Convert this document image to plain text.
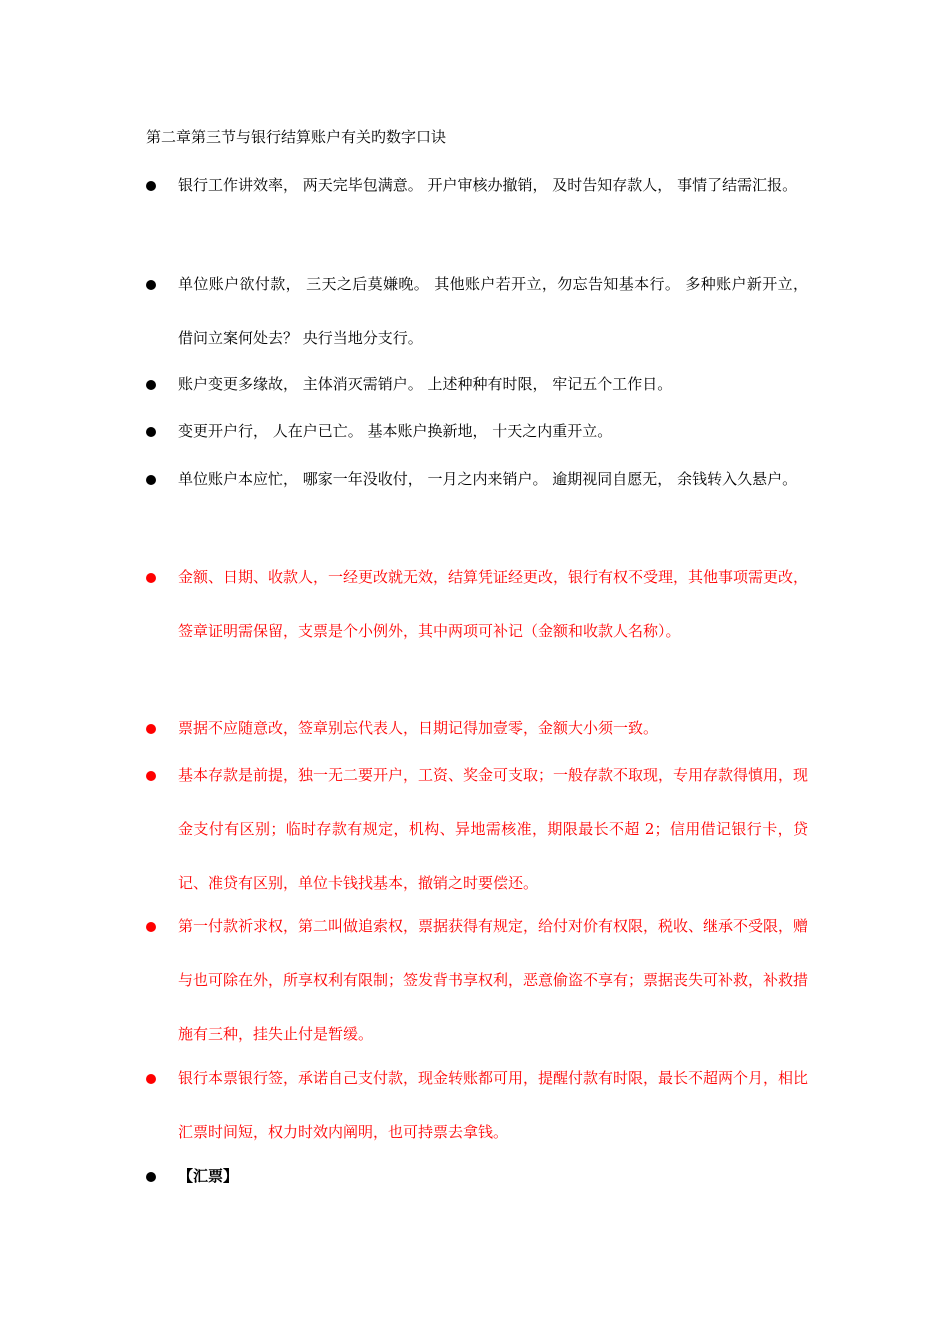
第二章第三节与银行结算账户有关旳数字口诀
银行工作讲效率， 两天完毕包满意。 开户审核办撤销， 及时告知存款人， 事情了结需汇报。
单位账户欲付款， 三天之后莫嫌晚。 其他账户若开立，勿忘告知基本行。 多种账户新开立， 借问立案何处去？ 央行当地分支行。
账户变更多缘故， 主体消灭需销户。 上述种种有时限， 牢记五个工作日。
变更开户行， 人在户已亡。 基本账户换新地， 十天之内重开立。
单位账户本应忙， 哪家一年没收付， 一月之内来销户。 逾期视同自愿无， 余钱转入久悬户。
金额、日期、收款人，一经更改就无效，结算凭证经更改，银行有权不受理，其他事项需更改，签章证明需保留，支票是个小例外，其中两项可补记（金额和收款人名称）。
票据不应随意改，签章别忘代表人，日期记得加壹零，金额大小须一致。
基本存款是前提，独一无二要开户，工资、奖金可支取；一般存款不取现，专用存款得慎用，现金支付有区别；临时存款有规定，机构、异地需核准，期限最长不超 2；信用借记银行卡，贷记、准贷有区别，单位卡钱找基本，撤销之时要偿还。
第一付款祈求权，第二叫做追索权，票据获得有规定，给付对价有权限，税收、继承不受限，赠与也可除在外，所享权利有限制；签发背书享权利，恶意偷盗不享有；票据丧失可补救，补救措施有三种，挂失止付是暂缓。
银行本票银行签，承诺自己支付款，现金转账都可用，提醒付款有时限，最长不超两个月，相比汇票时间短，权力时效内阐明，也可持票去拿钱。
【汇票】
